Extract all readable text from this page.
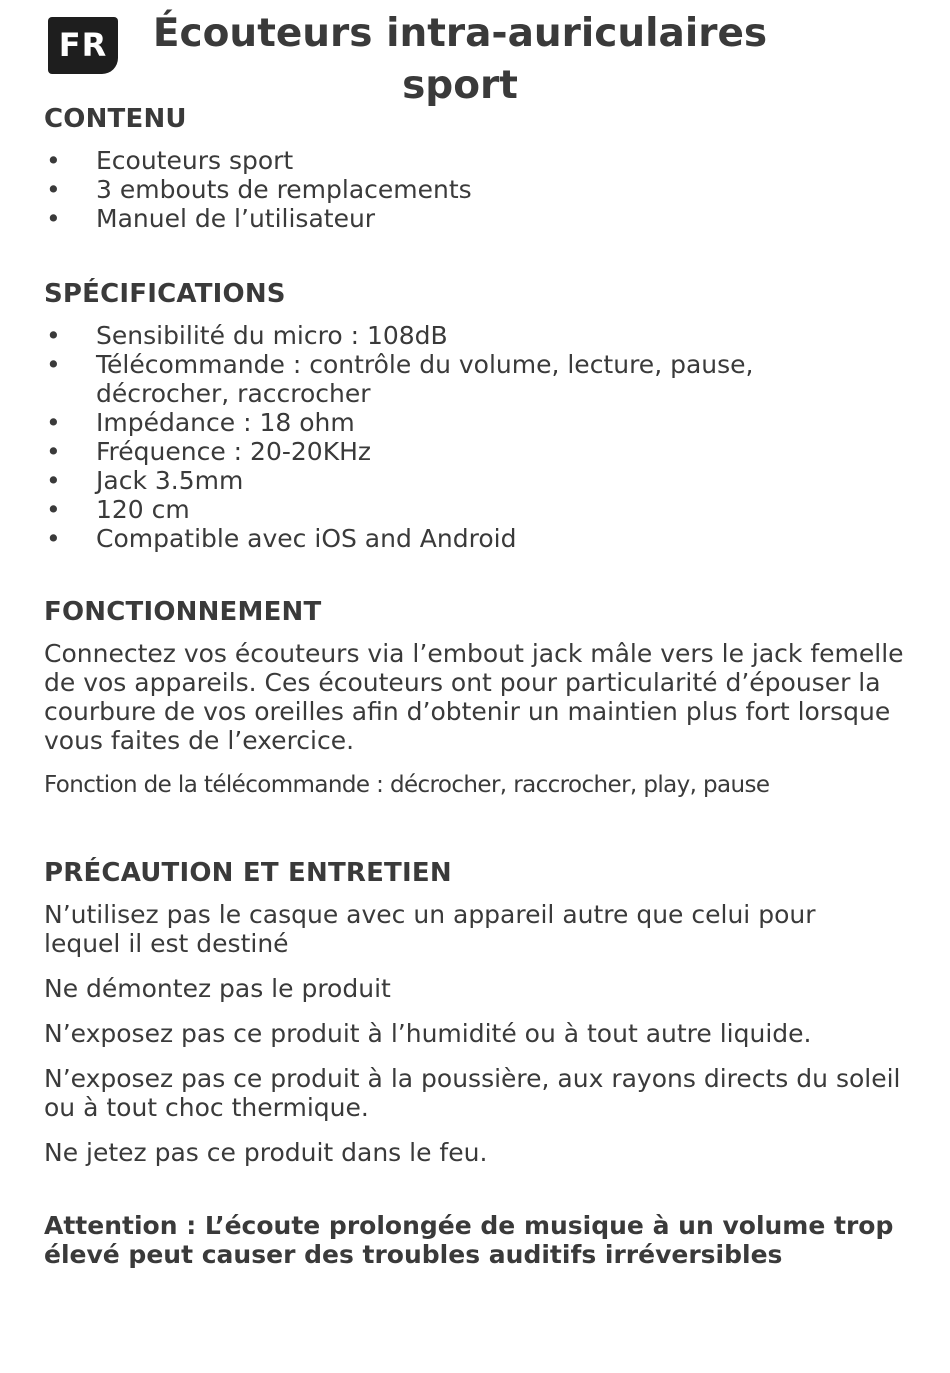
FR Écouteurs intra-auriculaires sport
CONTENU
• Ecouteurs sport
• 3 embouts de remplacements
• Manuel de l’utilisateur
SPÉCIFICATIONS
• Sensibilité du micro : 108dB
• Télécommande : contrôle du volume, lecture, pause, décrocher, raccrocher
• Impédance : 18 ohm
• Fréquence : 20-20KHz
• Jack 3.5mm
• 120 cm
• Compatible avec iOS and Android
FONCTIONNEMENT

Connectez vos écouteurs via l’embout jack mâle vers le jack femelle de vos appareils. Ces écouteurs ont pour particularité d’épouser la courbure de vos oreilles afin d’obtenir un maintien plus fort lorsque vous faites de l’exercice.

Fonction de la télécommande : décrocher, raccrocher, play, pause

PRÉCAUTION ET ENTRETIEN

N’utilisez pas le casque avec un appareil autre que celui pour lequel il est destiné

Ne démontez pas le produit

N’exposez pas ce produit à l’humidité ou à tout autre liquide.

N’exposez pas ce produit à la poussière, aux rayons directs du soleil ou à tout choc thermique.

Ne jetez pas ce produit dans le feu.

Attention : L’écoute prolongée de musique à un volume trop élevé peut causer des troubles auditifs irréversibles
